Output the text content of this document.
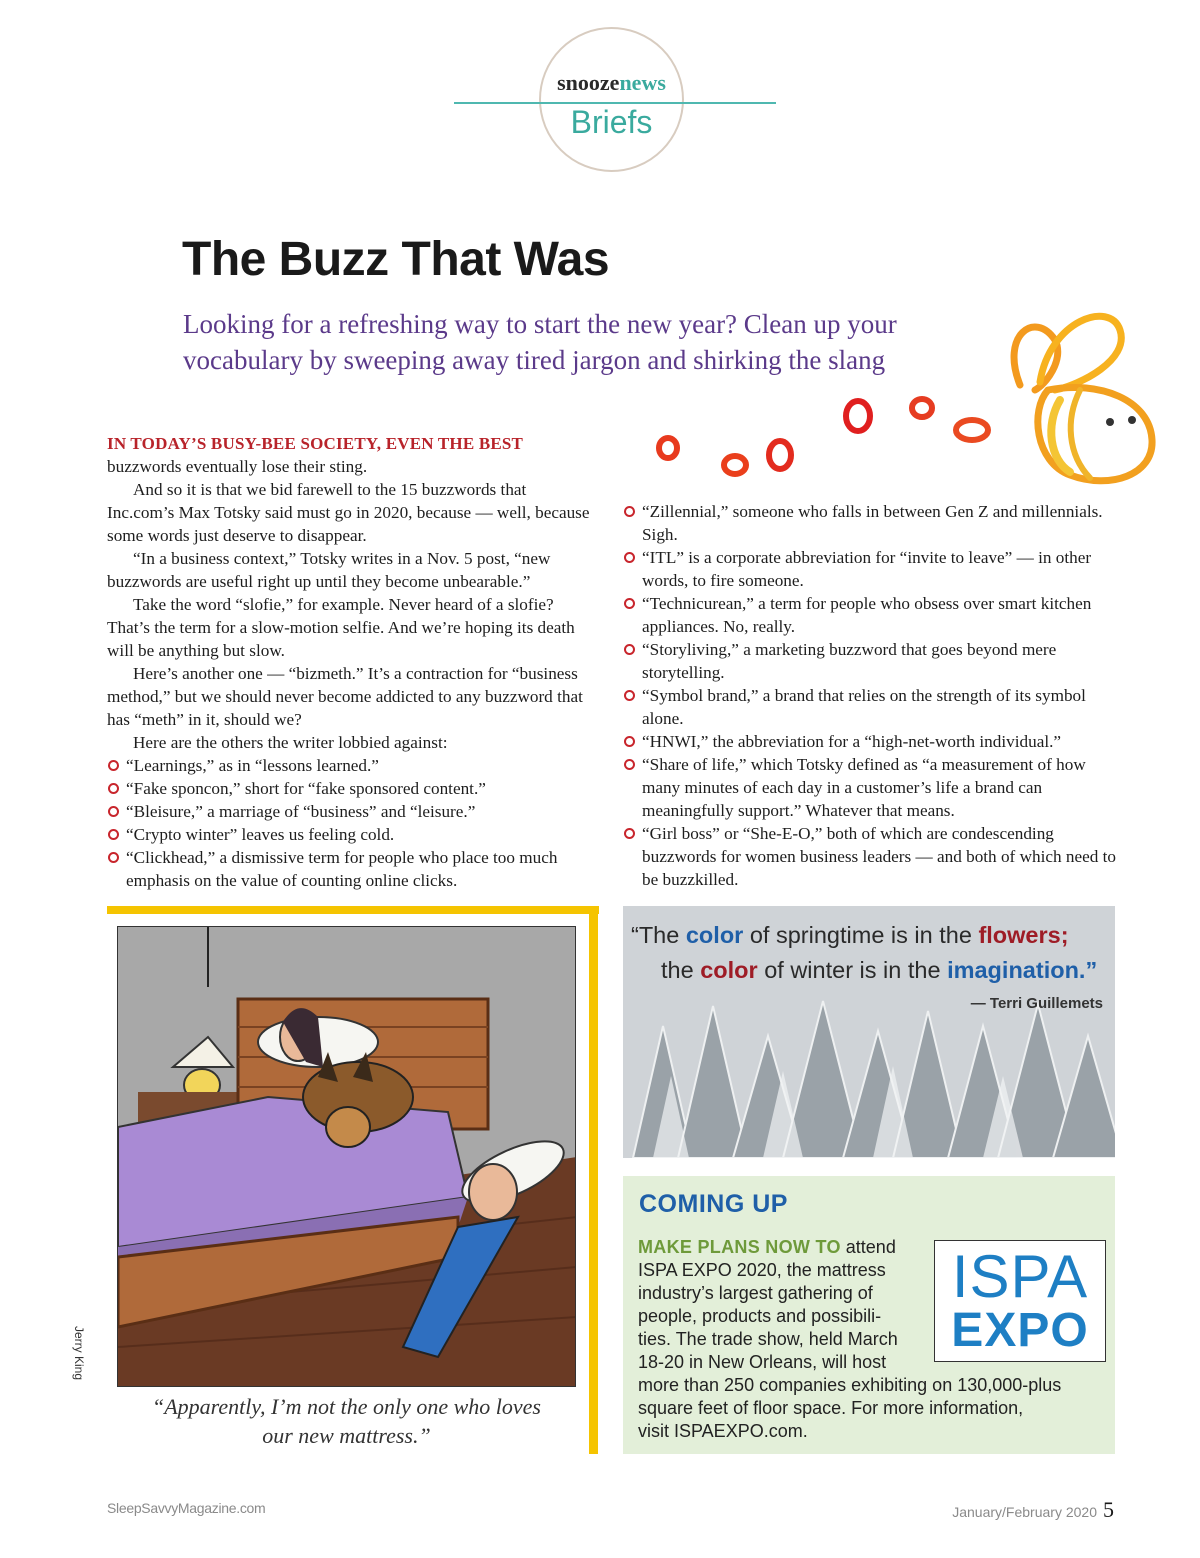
snoozenews
Briefs
The Buzz That Was

Looking for a refreshing way to start the new year? Clean up your vocabulary by sweeping away tired jargon and shirking the slang

IN TODAY’S BUSY-BEE SOCIETY, EVEN THE BEST
buzzwords eventually lose their sting.

And so it is that we bid farewell to the 15 buzzwords that Inc.com’s Max Totsky said must go in 2020, because — well, because some words just deserve to disappear.

“In a business context,” Totsky writes in a Nov. 5 post, “new buzzwords are useful right up until they become unbearable.”

Take the word “slofie,” for example. Never heard of a slofie? That’s the term for a slow-motion selfie. And we’re hoping its death will be anything but slow.

Here’s another one — “bizmeth.” It’s a contraction for “business method,” but we should never become addicted to any buzzword that has “meth” in it, should we?

Here are the others the writer lobbied against:

“Learnings,” as in “lessons learned.”
“Fake sponcon,” short for “fake sponsored content.”
“Bleisure,” a marriage of “business” and “leisure.”
“Crypto winter” leaves us feeling cold.
“Clickhead,” a dismissive term for people who place too much emphasis on the value of counting online clicks.
“Zillennial,” someone who falls in between Gen Z and millennials. Sigh.
“ITL” is a corporate abbreviation for “invite to leave” — in other words, to fire someone.
“Technicurean,” a term for people who obsess over smart kitchen appliances. No, really.
“Storyliving,” a marketing buzzword that goes beyond mere storytelling.
“Symbol brand,” a brand that relies on the strength of its symbol alone.
“HNWI,” the abbreviation for a “high-net-worth individual.”
“Share of life,” which Totsky defined as “a measurement of how many minutes of each day in a customer’s life a brand can meaningfully support.” Whatever that means.
“Girl boss” or “She-E-O,” both of which are condescending buzzwords for women business leaders — and both of which need to be buzzkilled.
Jerry King
“Apparently, I’m not the only one who loves
our new mattress.”
“The color of springtime is in the flowers;
the color of winter is in the imagination.”
— Terri Guillemets
COMING UP
MAKE PLANS NOW TO attend
ISPA EXPO 2020, the mattress
industry’s largest gathering of
people, products and possibili-
ties. The trade show, held March
18-20 in New Orleans, will host
more than 250 companies exhibiting on 130,000-plus
square feet of floor space. For more information,
visit ISPAEXPO.com.
ISPA
EXPO
SleepSavvyMagazine.com	January/February 2020 5
